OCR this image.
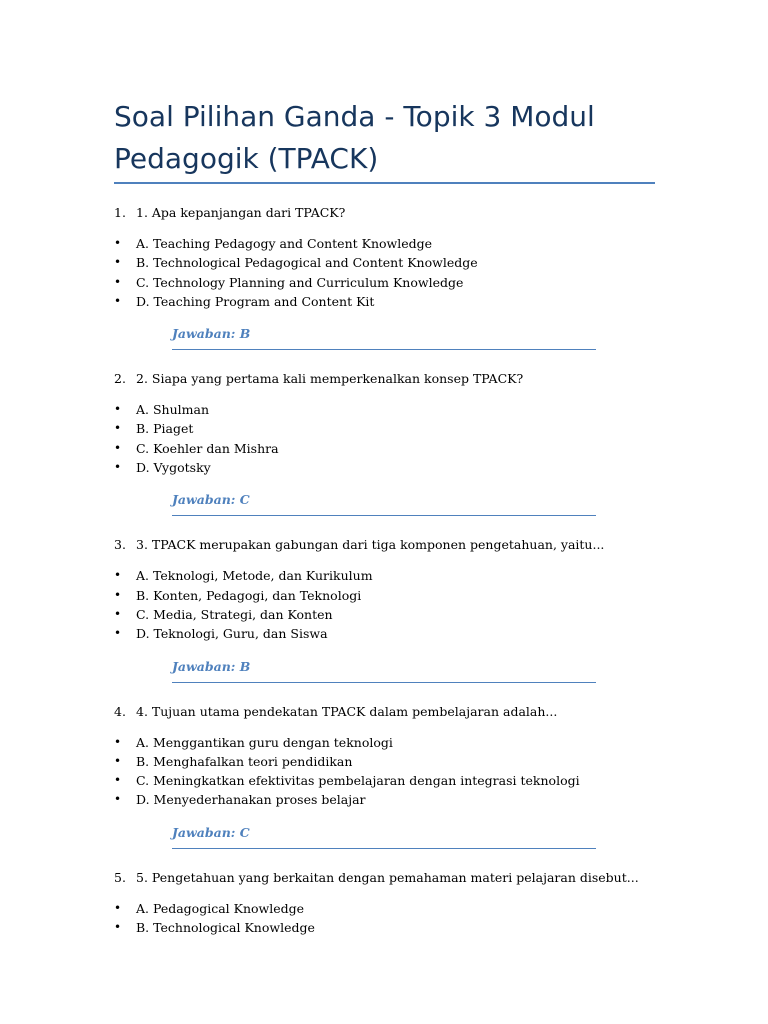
Soal Pilihan Ganda - Topik 3 Modul Pedagogik (TPACK)

1. 1. Apa kepanjangan dari TPACK?

•	A. Teaching Pedagogy and Content Knowledge
•	B. Technological Pedagogical and Content Knowledge
•	C. Technology Planning and Curriculum Knowledge
•	D. Teaching Program and Content Kit
Jawaban: B

2. 2. Siapa yang pertama kali memperkenalkan konsep TPACK?

•	A. Shulman
•	B. Piaget
•	C. Koehler dan Mishra
•	D. Vygotsky
Jawaban: C

3. 3. TPACK merupakan gabungan dari tiga komponen pengetahuan, yaitu...

•	A. Teknologi, Metode, dan Kurikulum
•	B. Konten, Pedagogi, dan Teknologi
•	C. Media, Strategi, dan Konten
•	D. Teknologi, Guru, dan Siswa
Jawaban: B

4. 4. Tujuan utama pendekatan TPACK dalam pembelajaran adalah...

•	A. Menggantikan guru dengan teknologi
•	B. Menghafalkan teori pendidikan
•	C. Meningkatkan efektivitas pembelajaran dengan integrasi teknologi
•	D. Menyederhanakan proses belajar
Jawaban: C

5. 5. Pengetahuan yang berkaitan dengan pemahaman materi pelajaran disebut...

•	A. Pedagogical Knowledge
•	B. Technological Knowledge
